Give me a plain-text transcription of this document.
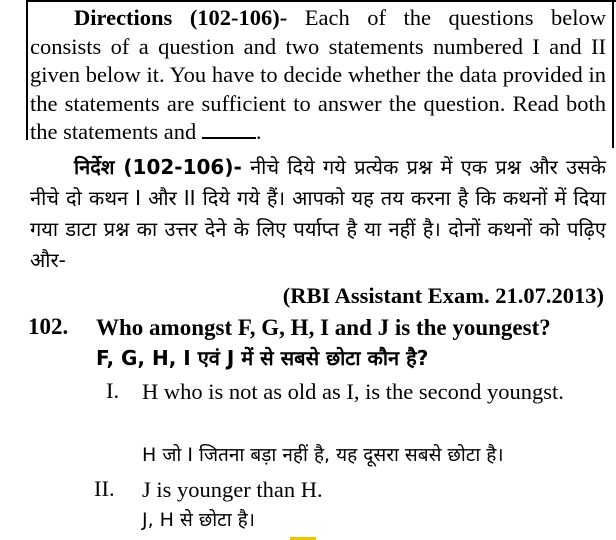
Directions (102-106)- Each of the questions below consists of a question and two statements numbered I and II given below it. You have to decide whether the data provided in the statements are sufficient to answer the question. Read both the statements and .

निर्देश (102-106)- नीचे दिये गये प्रत्येक प्रश्न में एक प्रश्न और उसके नीचे दो कथन I और II दिये गये हैं। आपको यह तय करना है कि कथनों में दिया गया डाटा प्रश्न का उत्तर देने के लिए पर्याप्त है या नहीं है। दोनों कथनों को पढ़िए और-

(RBI Assistant Exam. 21.07.2013)
102. Who amongst F, G, H, I and J is the youngest?

F, G, H, I एवं J में से सबसे छोटा कौन है?
I. H who is not as old as I, is the second youngst.

H जो I जितना बड़ा नहीं है, यह दूसरा सबसे छोटा है।
II. J is younger than H.

J, H से छोटा है।
